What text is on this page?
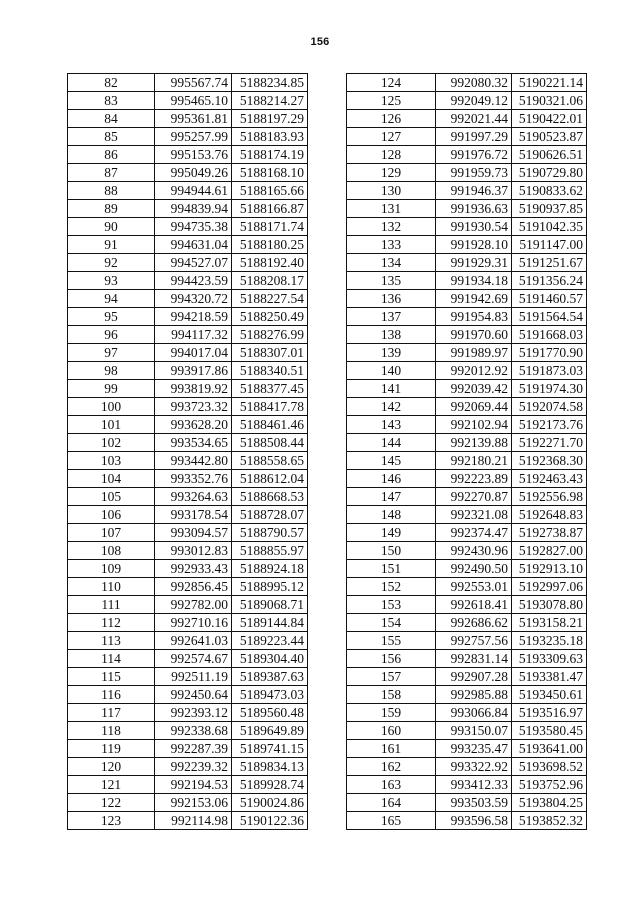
156
82	995567.74	5188234.85
83	995465.10	5188214.27
84	995361.81	5188197.29
85	995257.99	5188183.93
86	995153.76	5188174.19
87	995049.26	5188168.10
88	994944.61	5188165.66
89	994839.94	5188166.87
90	994735.38	5188171.74
91	994631.04	5188180.25
92	994527.07	5188192.40
93	994423.59	5188208.17
94	994320.72	5188227.54
95	994218.59	5188250.49
96	994117.32	5188276.99
97	994017.04	5188307.01
98	993917.86	5188340.51
99	993819.92	5188377.45
100	993723.32	5188417.78
101	993628.20	5188461.46
102	993534.65	5188508.44
103	993442.80	5188558.65
104	993352.76	5188612.04
105	993264.63	5188668.53
106	993178.54	5188728.07
107	993094.57	5188790.57
108	993012.83	5188855.97
109	992933.43	5188924.18
110	992856.45	5188995.12
111	992782.00	5189068.71
112	992710.16	5189144.84
113	992641.03	5189223.44
114	992574.67	5189304.40
115	992511.19	5189387.63
116	992450.64	5189473.03
117	992393.12	5189560.48
118	992338.68	5189649.89
119	992287.39	5189741.15
120	992239.32	5189834.13
121	992194.53	5189928.74
122	992153.06	5190024.86
123	992114.98	5190122.36
124	992080.32	5190221.14
125	992049.12	5190321.06
126	992021.44	5190422.01
127	991997.29	5190523.87
128	991976.72	5190626.51
129	991959.73	5190729.80
130	991946.37	5190833.62
131	991936.63	5190937.85
132	991930.54	5191042.35
133	991928.10	5191147.00
134	991929.31	5191251.67
135	991934.18	5191356.24
136	991942.69	5191460.57
137	991954.83	5191564.54
138	991970.60	5191668.03
139	991989.97	5191770.90
140	992012.92	5191873.03
141	992039.42	5191974.30
142	992069.44	5192074.58
143	992102.94	5192173.76
144	992139.88	5192271.70
145	992180.21	5192368.30
146	992223.89	5192463.43
147	992270.87	5192556.98
148	992321.08	5192648.83
149	992374.47	5192738.87
150	992430.96	5192827.00
151	992490.50	5192913.10
152	992553.01	5192997.06
153	992618.41	5193078.80
154	992686.62	5193158.21
155	992757.56	5193235.18
156	992831.14	5193309.63
157	992907.28	5193381.47
158	992985.88	5193450.61
159	993066.84	5193516.97
160	993150.07	5193580.45
161	993235.47	5193641.00
162	993322.92	5193698.52
163	993412.33	5193752.96
164	993503.59	5193804.25
165	993596.58	5193852.32
